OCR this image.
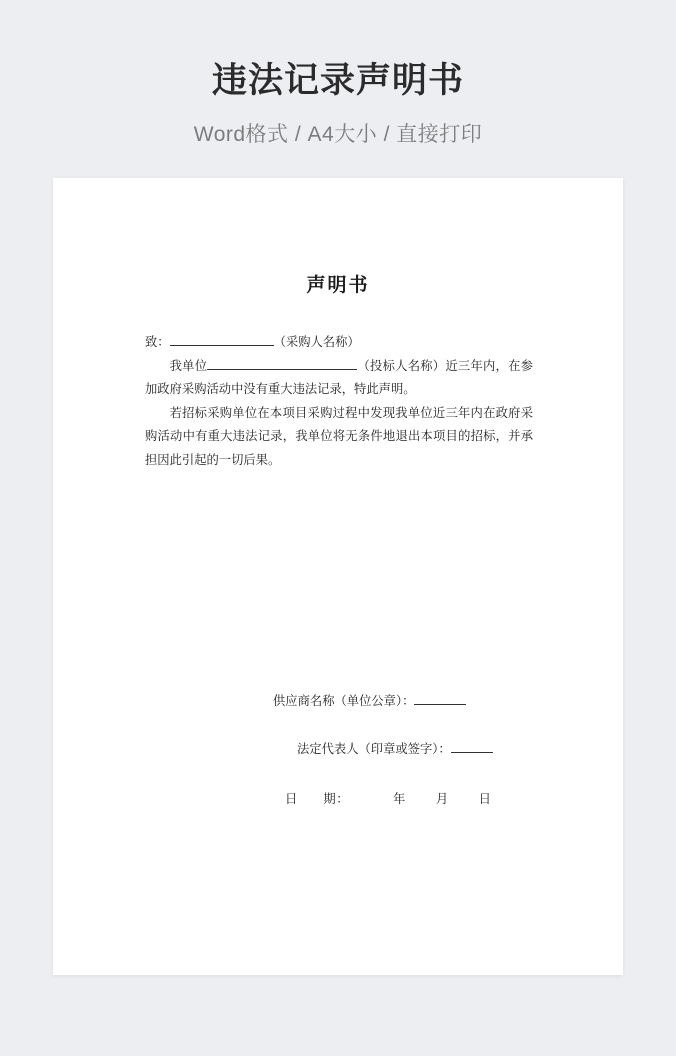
违法记录声明书
Word格式 / A4大小 / 直接打印
声明书
致：	（采购人名称）
我单位	（投标人名称）近三年内，在参加政府采购活动中没有重大违法记录，特此声明。
若招标采购单位在本项目采购过程中发现我单位近三年内在政府采购活动中有重大违法记录，我单位将无条件地退出本项目的招标，并承担因此引起的一切后果。
供应商名称（单位公章）：
法定代表人（印章或签字）：
日　　期：	年 月 日
